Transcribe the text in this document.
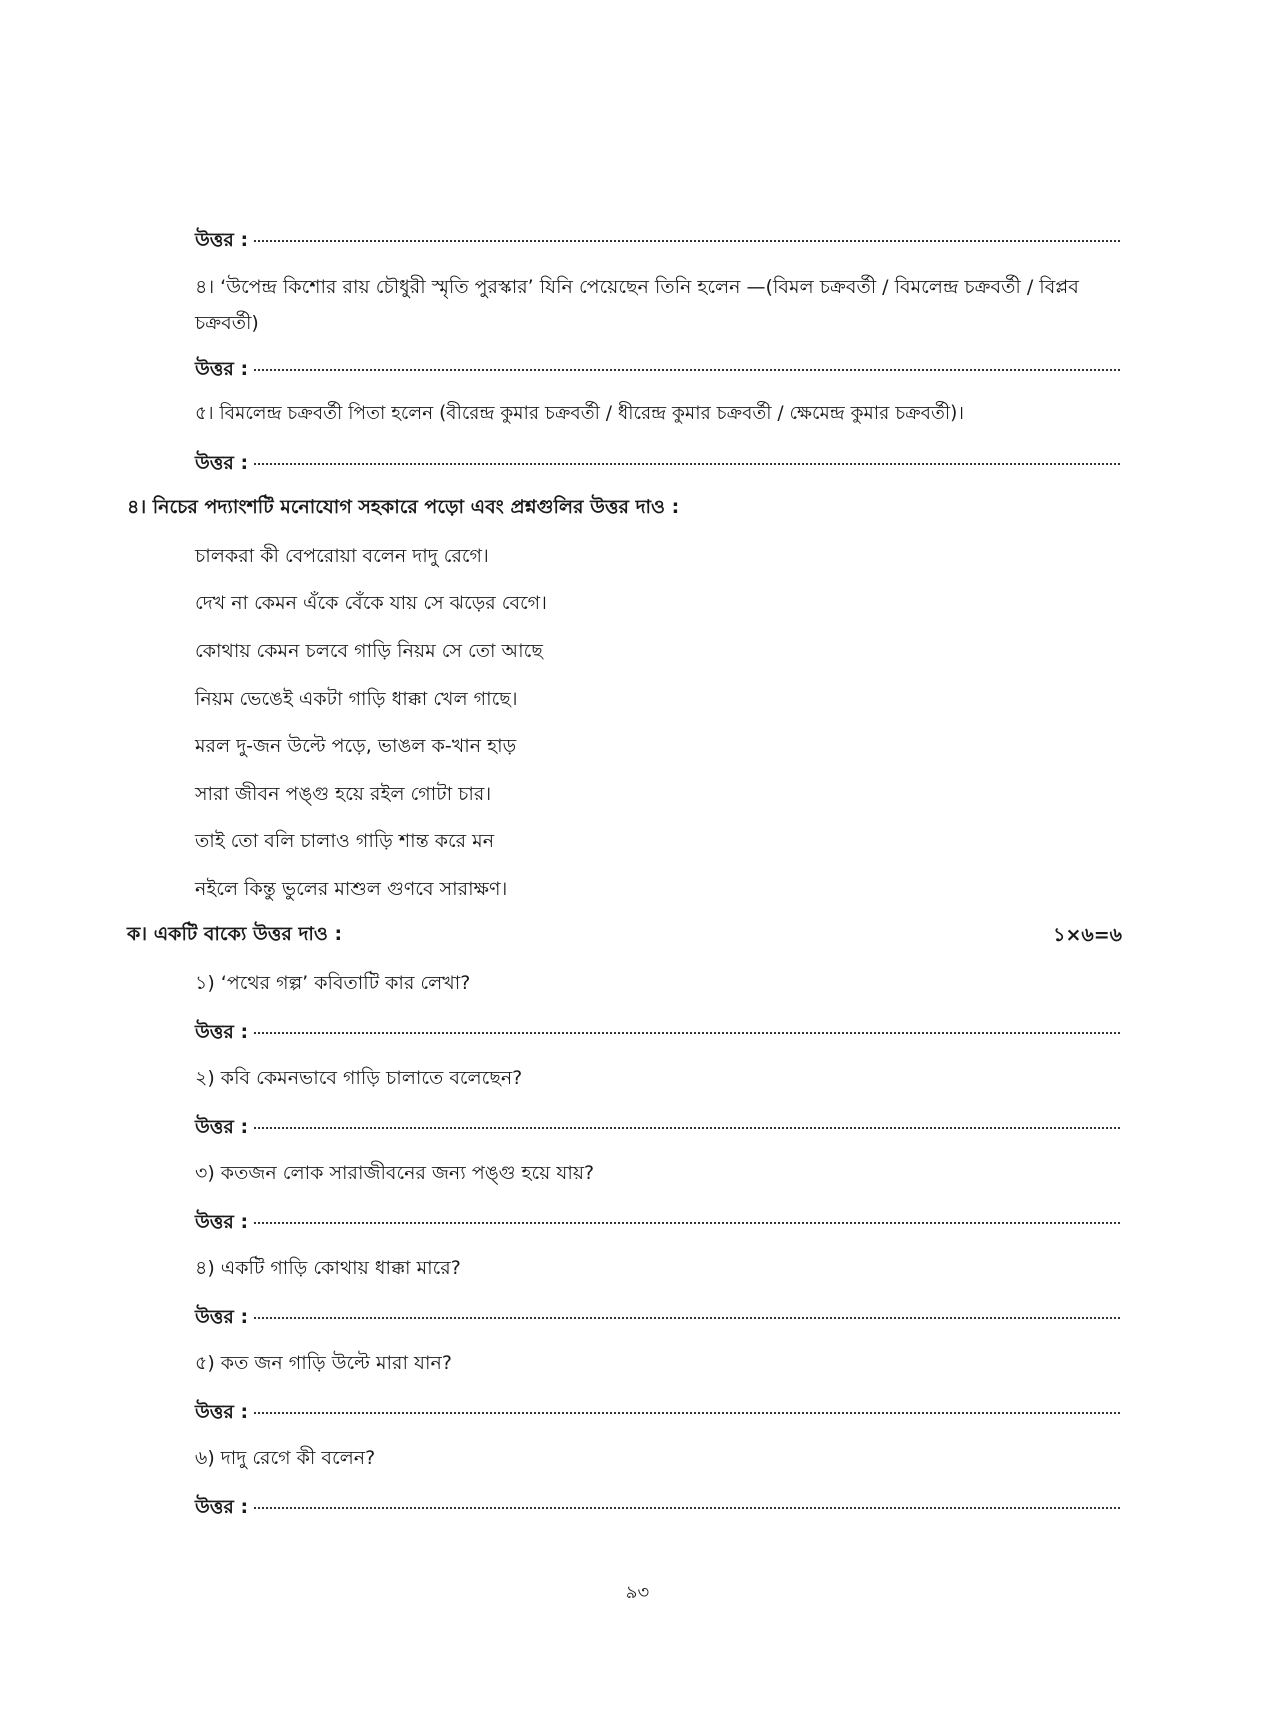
উত্তর :
৪। ‘উপেন্দ্র কিশোর রায় চৌধুরী স্মৃতি পুরস্কার’ যিনি পেয়েছেন তিনি হলেন —(বিমল চক্রবর্তী / বিমলেন্দ্র চক্রবর্তী / বিপ্লব চক্রবর্তী)
উত্তর :
৫। বিমলেন্দ্র চক্রবর্তী পিতা হলেন (বীরেন্দ্র কুমার চক্রবর্তী / ধীরেন্দ্র কুমার চক্রবর্তী / ক্ষেমেন্দ্র কুমার চক্রবর্তী)।
উত্তর :
৪। নিচের পদ্যাংশটি মনোযোগ সহকারে পড়ো এবং প্রশ্নগুলির উত্তর দাও :
চালকরা কী বেপরোয়া বলেন দাদু রেগে।
দেখ না কেমন এঁকে বেঁকে যায় সে ঝড়ের বেগে।
কোথায় কেমন চলবে গাড়ি নিয়ম সে তো আছে
নিয়ম ভেঙেই একটা গাড়ি ধাক্কা খেল গাছে।
মরল দু-জন উল্টে পড়ে, ভাঙল ক-খান হাড়
সারা জীবন পঙ্গু হয়ে রইল গোটা চার।
তাই তো বলি চালাও গাড়ি শান্ত করে মন
নইলে কিন্তু ভুলের মাশুল গুণবে সারাক্ষণ।
ক। একটি বাক্যে উত্তর দাও :	১×৬=৬
১) ‘পথের গল্প’ কবিতাটি কার লেখা?
উত্তর :
২) কবি কেমনভাবে গাড়ি চালাতে বলেছেন?
উত্তর :
৩) কতজন লোক সারাজীবনের জন্য পঙ্গু হয়ে যায়?
উত্তর :
৪) একটি গাড়ি কোথায় ধাক্কা মারে?
উত্তর :
৫) কত জন গাড়ি উল্টে মারা যান?
উত্তর :
৬) দাদু রেগে কী বলেন?
উত্তর :
৯৩
